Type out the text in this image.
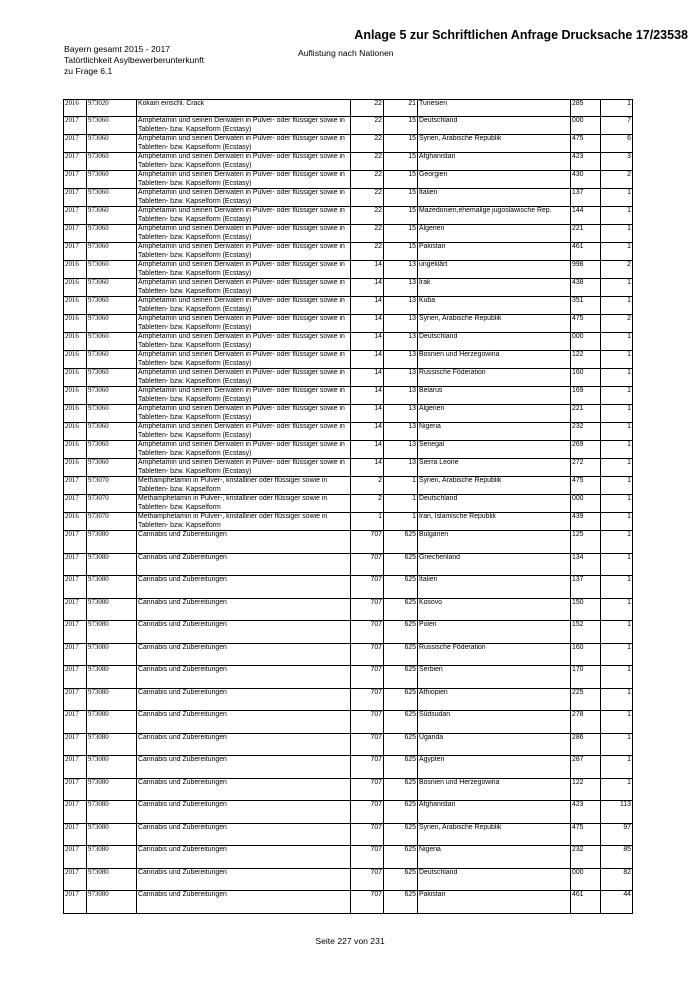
Anlage 5 zur Schriftlichen Anfrage Drucksache 17/23538
Bayern gesamt 2015 - 2017
Tatörtlichkeit Asylbewerberunterkunft
zu Frage 6.1
Auflistung nach Nationen
2016	973020	Kokain einschl. Crack	22	21	Tunesien	285	1
2017	973060	Amphetamin und seinen Derivaten in Pulver- oder flüssiger sowie in Tabletten- bzw. Kapselform (Ecstasy)	22	15	Deutschland	000	7
2017	973060	Amphetamin und seinen Derivaten in Pulver- oder flüssiger sowie in Tabletten- bzw. Kapselform (Ecstasy)	22	15	Syrien, Arabische Republik	475	6
2017	973060	Amphetamin und seinen Derivaten in Pulver- oder flüssiger sowie in Tabletten- bzw. Kapselform (Ecstasy)	22	15	Afghanistan	423	3
2017	973060	Amphetamin und seinen Derivaten in Pulver- oder flüssiger sowie in Tabletten- bzw. Kapselform (Ecstasy)	22	15	Georgien	430	2
2017	973060	Amphetamin und seinen Derivaten in Pulver- oder flüssiger sowie in Tabletten- bzw. Kapselform (Ecstasy)	22	15	Italien	137	1
2017	973060	Amphetamin und seinen Derivaten in Pulver- oder flüssiger sowie in Tabletten- bzw. Kapselform (Ecstasy)	22	15	Mazedonien,ehemalige jugoslawische Rep.	144	1
2017	973060	Amphetamin und seinen Derivaten in Pulver- oder flüssiger sowie in Tabletten- bzw. Kapselform (Ecstasy)	22	15	Algerien	221	1
2017	973060	Amphetamin und seinen Derivaten in Pulver- oder flüssiger sowie in Tabletten- bzw. Kapselform (Ecstasy)	22	15	Pakistan	461	1
2016	973060	Amphetamin und seinen Derivaten in Pulver- oder flüssiger sowie in Tabletten- bzw. Kapselform (Ecstasy)	14	13	ungeklärt	998	2
2016	973060	Amphetamin und seinen Derivaten in Pulver- oder flüssiger sowie in Tabletten- bzw. Kapselform (Ecstasy)	14	13	Irak	438	1
2016	973060	Amphetamin und seinen Derivaten in Pulver- oder flüssiger sowie in Tabletten- bzw. Kapselform (Ecstasy)	14	13	Kuba	351	1
2016	973060	Amphetamin und seinen Derivaten in Pulver- oder flüssiger sowie in Tabletten- bzw. Kapselform (Ecstasy)	14	13	Syrien, Arabische Republik	475	2
2016	973060	Amphetamin und seinen Derivaten in Pulver- oder flüssiger sowie in Tabletten- bzw. Kapselform (Ecstasy)	14	13	Deutschland	000	1
2016	973060	Amphetamin und seinen Derivaten in Pulver- oder flüssiger sowie in Tabletten- bzw. Kapselform (Ecstasy)	14	13	Bosnien und Herzegowina	122	1
2016	973060	Amphetamin und seinen Derivaten in Pulver- oder flüssiger sowie in Tabletten- bzw. Kapselform (Ecstasy)	14	13	Russische Föderation	160	1
2016	973060	Amphetamin und seinen Derivaten in Pulver- oder flüssiger sowie in Tabletten- bzw. Kapselform (Ecstasy)	14	13	Belarus	169	1
2016	973060	Amphetamin und seinen Derivaten in Pulver- oder flüssiger sowie in Tabletten- bzw. Kapselform (Ecstasy)	14	13	Algerien	221	1
2016	973060	Amphetamin und seinen Derivaten in Pulver- oder flüssiger sowie in Tabletten- bzw. Kapselform (Ecstasy)	14	13	Nigeria	232	1
2016	973060	Amphetamin und seinen Derivaten in Pulver- oder flüssiger sowie in Tabletten- bzw. Kapselform (Ecstasy)	14	13	Senegal	269	1
2016	973060	Amphetamin und seinen Derivaten in Pulver- oder flüssiger sowie in Tabletten- bzw. Kapselform (Ecstasy)	14	13	Sierra Leone	272	1
2017	973070	Methamphetamin in Pulver-, kristalliner oder flüssiger sowie in Tabletten- bzw. Kapselform	2	1	Syrien, Arabische Republik	475	1
2017	973070	Methamphetamin in Pulver-, kristalliner oder flüssiger sowie in Tabletten- bzw. Kapselform	2	1	Deutschland	000	1
2016	973070	Methamphetamin in Pulver-, kristalliner oder flüssiger sowie in Tabletten- bzw. Kapselform	1	1	Iran, Islamische Republik	439	1
2017	973080	Cannabis und Zubereitungen	707	625	Bulgarien	125	1
2017	973080	Cannabis und Zubereitungen	707	625	Griechenland	134	1
2017	973080	Cannabis und Zubereitungen	707	625	Italien	137	1
2017	973080	Cannabis und Zubereitungen	707	625	Kosovo	150	1
2017	973080	Cannabis und Zubereitungen	707	625	Polen	152	1
2017	973080	Cannabis und Zubereitungen	707	625	Russische Föderation	160	1
2017	973080	Cannabis und Zubereitungen	707	625	Serbien	170	1
2017	973080	Cannabis und Zubereitungen	707	625	Äthiopien	225	1
2017	973080	Cannabis und Zubereitungen	707	625	Südsudan	278	1
2017	973080	Cannabis und Zubereitungen	707	625	Uganda	286	1
2017	973080	Cannabis und Zubereitungen	707	625	Ägypten	287	1
2017	973080	Cannabis und Zubereitungen	707	625	Bosnien und Herzegowina	122	1
2017	973080	Cannabis und Zubereitungen	707	625	Afghanistan	423	113
2017	973080	Cannabis und Zubereitungen	707	625	Syrien, Arabische Republik	475	97
2017	973080	Cannabis und Zubereitungen	707	625	Nigeria	232	85
2017	973080	Cannabis und Zubereitungen	707	625	Deutschland	000	82
2017	973080	Cannabis und Zubereitungen	707	625	Pakistan	461	44
Seite 227 von 231
